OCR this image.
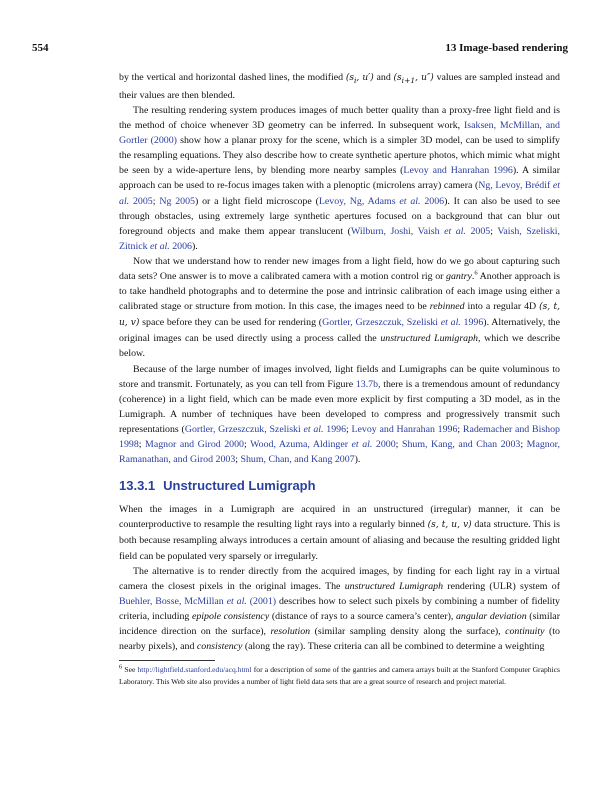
554	13 Image-based rendering

by the vertical and horizontal dashed lines, the modified ($s_i$, u′) and ($s_{i+1}$, u″) values are sampled instead and their values are then blended.

The resulting rendering system produces images of much better quality than a proxy-free light field and is the method of choice whenever 3D geometry can be inferred. In subsequent work, Isaksen, McMillan, and Gortler (2000) show how a planar proxy for the scene, which is a simpler 3D model, can be used to simplify the resampling equations. They also describe how to create synthetic aperture photos, which mimic what might be seen by a wide-aperture lens, by blending more nearby samples (Levoy and Hanrahan 1996). A similar approach can be used to re-focus images taken with a plenoptic (microlens array) camera (Ng, Levoy, Brédif et al. 2005; Ng 2005) or a light field microscope (Levoy, Ng, Adams et al. 2006). It can also be used to see through obstacles, using extremely large synthetic apertures focused on a background that can blur out foreground objects and make them appear translucent (Wilburn, Joshi, Vaish et al. 2005; Vaish, Szeliski, Zitnick et al. 2006).

Now that we understand how to render new images from a light field, how do we go about capturing such data sets? One answer is to move a calibrated camera with a motion control rig or gantry.$^6$ Another approach is to take handheld photographs and to determine the pose and intrinsic calibration of each image using either a calibrated stage or structure from motion. In this case, the images need to be rebinned into a regular 4D (s, t, u, v) space before they can be used for rendering (Gortler, Grzeszczuk, Szeliski et al. 1996). Alternatively, the original images can be used directly using a process called the unstructured Lumigraph, which we describe below.

Because of the large number of images involved, light fields and Lumigraphs can be quite voluminous to store and transmit. Fortunately, as you can tell from Figure 13.7b, there is a tremendous amount of redundancy (coherence) in a light field, which can be made even more explicit by first computing a 3D model, as in the Lumigraph. A number of techniques have been developed to compress and progressively transmit such representations (Gortler, Grzeszczuk, Szeliski et al. 1996; Levoy and Hanrahan 1996; Rademacher and Bishop 1998; Magnor and Girod 2000; Wood, Azuma, Aldinger et al. 2000; Shum, Kang, and Chan 2003; Magnor, Ramanathan, and Girod 2003; Shum, Chan, and Kang 2007).

13.3.1 Unstructured Lumigraph

When the images in a Lumigraph are acquired in an unstructured (irregular) manner, it can be counterproductive to resample the resulting light rays into a regularly binned (s, t, u, v) data structure. This is both because resampling always introduces a certain amount of aliasing and because the resulting gridded light field can be populated very sparsely or irregularly.

The alternative is to render directly from the acquired images, by finding for each light ray in a virtual camera the closest pixels in the original images. The unstructured Lumigraph rendering (ULR) system of Buehler, Bosse, McMillan et al. (2001) describes how to select such pixels by combining a number of fidelity criteria, including epipole consistency (distance of rays to a source camera’s center), angular deviation (similar incidence direction on the surface), resolution (similar sampling density along the surface), continuity (to nearby pixels), and consistency (along the ray). These criteria can all be combined to determine a weighting

$^6$ See http://lightfield.stanford.edu/acq.html for a description of some of the gantries and camera arrays built at the Stanford Computer Graphics Laboratory. This Web site also provides a number of light field data sets that are a great source of research and project material.
